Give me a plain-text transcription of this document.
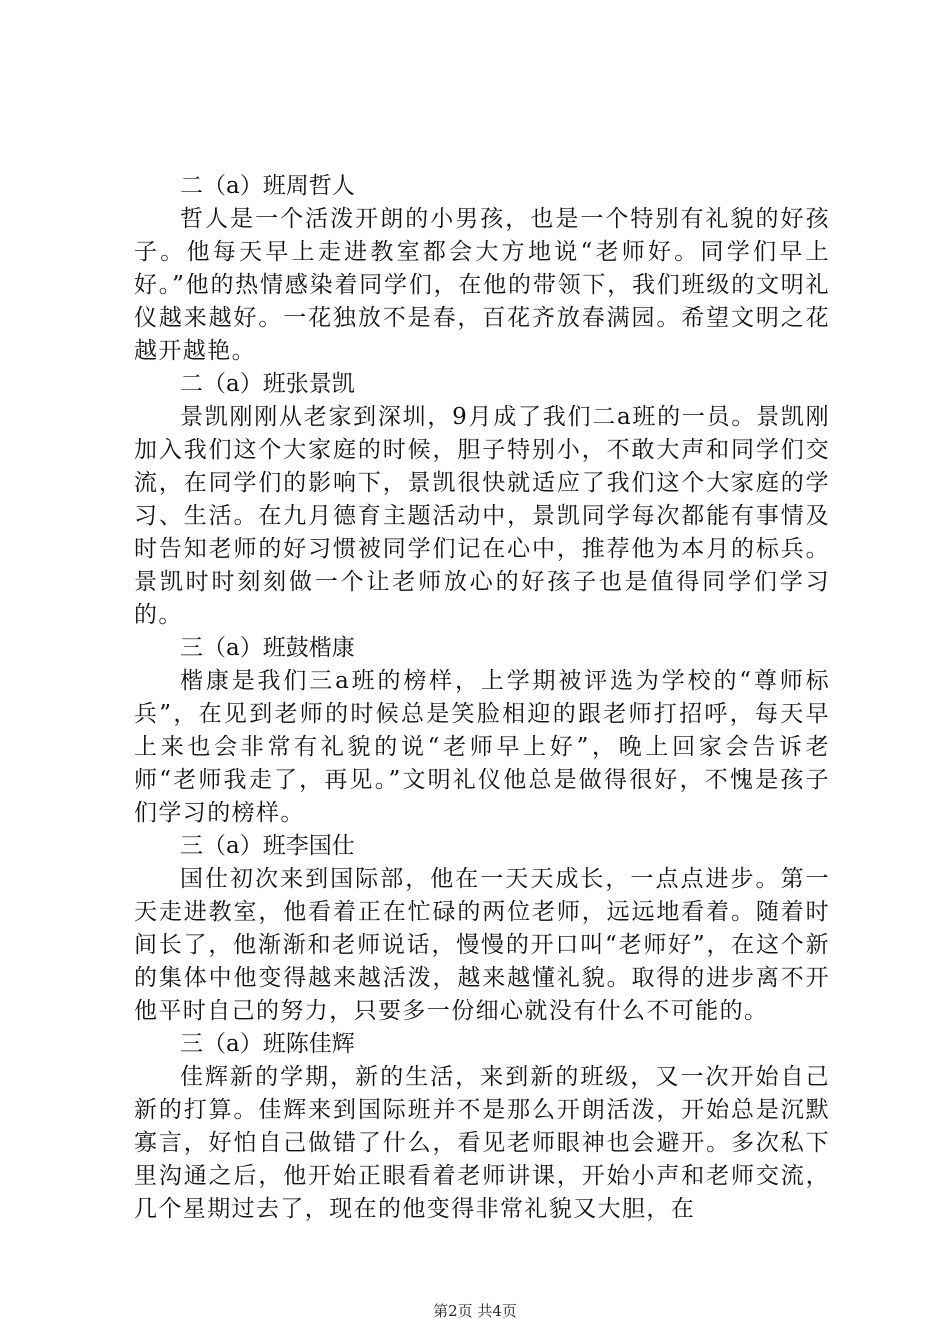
二（a）班周哲人
哲人是一个活泼开朗的小男孩，也是一个特别有礼貌的好孩子。他每天早上走进教室都会大方地说“老师好。同学们早上好。”他的热情感染着同学们，在他的带领下，我们班级的文明礼仪越来越好。一花独放不是春，百花齐放春满园。希望文明之花越开越艳。
二（a）班张景凯
景凯刚刚从老家到深圳，9月成了我们二a班的一员。景凯刚加入我们这个大家庭的时候，胆子特别小，不敢大声和同学们交流，在同学们的影响下，景凯很快就适应了我们这个大家庭的学习、生活。在九月德育主题活动中，景凯同学每次都能有事情及时告知老师的好习惯被同学们记在心中，推荐他为本月的标兵。景凯时时刻刻做一个让老师放心的好孩子也是值得同学们学习的。
三（a）班鼓楷康
楷康是我们三a班的榜样，上学期被评选为学校的“尊师标兵”，在见到老师的时候总是笑脸相迎的跟老师打招呼，每天早上来也会非常有礼貌的说“老师早上好”，晚上回家会告诉老师“老师我走了，再见。”文明礼仪他总是做得很好，不愧是孩子们学习的榜样。
三（a）班李国仕
国仕初次来到国际部，他在一天天成长，一点点进步。第一天走进教室，他看着正在忙碌的两位老师，远远地看着。随着时间长了，他渐渐和老师说话，慢慢的开口叫“老师好”，在这个新的集体中他变得越来越活泼，越来越懂礼貌。取得的进步离不开他平时自己的努力，只要多一份细心就没有什么不可能的。
三（a）班陈佳辉
佳辉新的学期，新的生活，来到新的班级，又一次开始自己新的打算。佳辉来到国际班并不是那么开朗活泼，开始总是沉默寡言，好怕自己做错了什么，看见老师眼神也会避开。多次私下里沟通之后，他开始正眼看着老师讲课，开始小声和老师交流，几个星期过去了，现在的他变得非常礼貌又大胆，在
第2页 共4页
